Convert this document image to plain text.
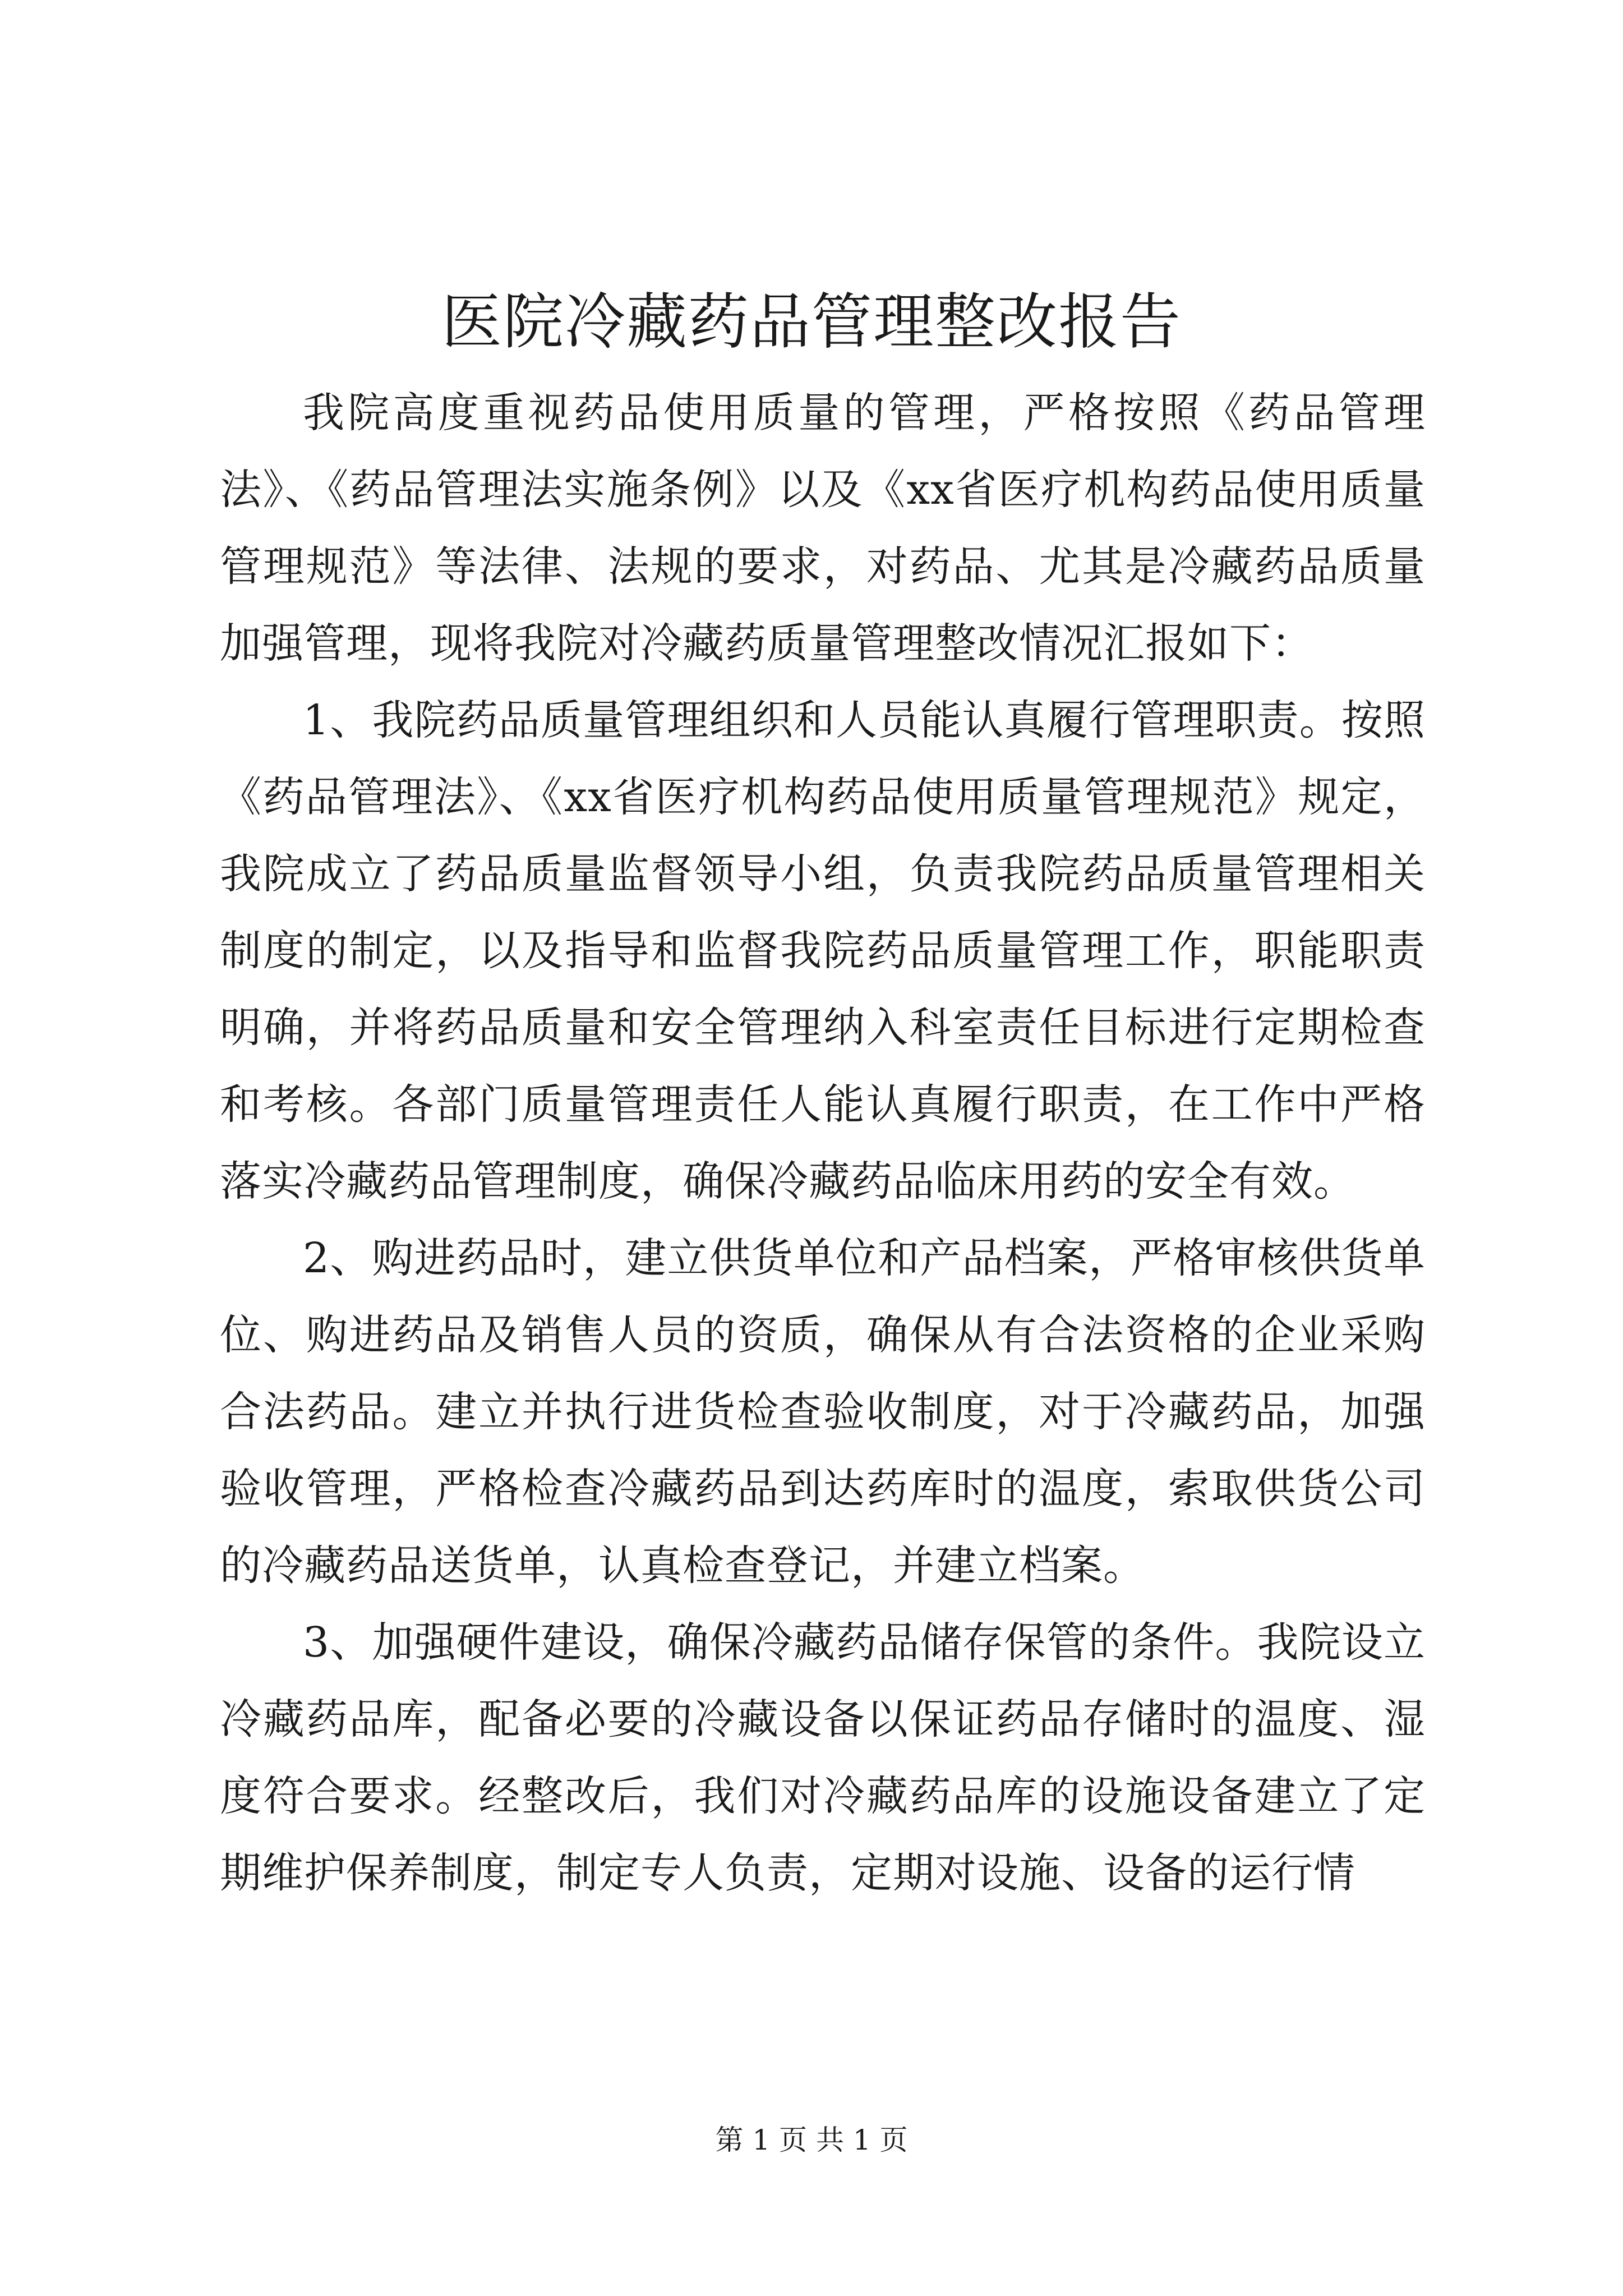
医院冷藏药品管理整改报告

我院高度重视药品使用质量的管理，严格按照《药品管理法》、《药品管理法实施条例》以及《xx省医疗机构药品使用质量管理规范》等法律、法规的要求，对药品、尤其是冷藏药品质量加强管理，现将我院对冷藏药质量管理整改情况汇报如下：

1、我院药品质量管理组织和人员能认真履行管理职责。按照《药品管理法》、《xx省医疗机构药品使用质量管理规范》规定，我院成立了药品质量监督领导小组，负责我院药品质量管理相关制度的制定，以及指导和监督我院药品质量管理工作，职能职责明确，并将药品质量和安全管理纳入科室责任目标进行定期检查和考核。各部门质量管理责任人能认真履行职责，在工作中严格落实冷藏药品管理制度，确保冷藏药品临床用药的安全有效。

2、购进药品时，建立供货单位和产品档案，严格审核供货单位、购进药品及销售人员的资质，确保从有合法资格的企业采购合法药品。建立并执行进货检查验收制度，对于冷藏药品，加强验收管理，严格检查冷藏药品到达药库时的温度，索取供货公司的冷藏药品送货单，认真检查登记，并建立档案。

3、加强硬件建设，确保冷藏药品储存保管的条件。我院设立冷藏药品库，配备必要的冷藏设备以保证药品存储时的温度、湿度符合要求。经整改后，我们对冷藏药品库的设施设备建立了定期维护保养制度，制定专人负责，定期对设施、设备的运行情

第 1 页 共 1 页
